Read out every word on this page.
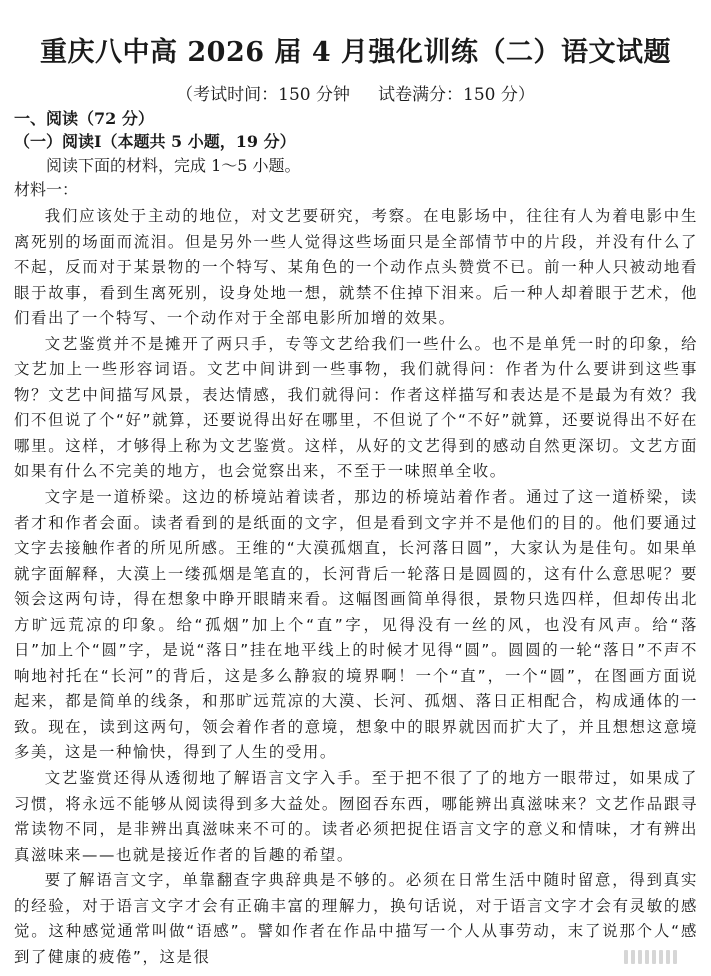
重庆八中高 2026 届 4 月强化训练（二）语文试题
（考试时间：150 分钟 试卷满分：150 分）
一、阅读（72 分）
（一）阅读Ⅰ（本题共 5 小题，19 分）
阅读下面的材料，完成 1～5 小题。
材料一：

我们应该处于主动的地位，对文艺要研究，考察。在电影场中，往往有人为着电影中生离死别的场面而流泪。但是另外一些人觉得这些场面只是全部情节中的片段，并没有什么了不起，反而对于某景物的一个特写、某角色的一个动作点头赞赏不已。前一种人只被动地看眼于故事，看到生离死别，设身处地一想，就禁不住掉下泪来。后一种人却着眼于艺术，他们看出了一个特写、一个动作对于全部电影所加增的效果。

文艺鉴赏并不是摊开了两只手，专等文艺给我们一些什么。也不是单凭一时的印象，给文艺加上一些形容词语。文艺中间讲到一些事物，我们就得问：作者为什么要讲到这些事物？文艺中间描写风景，表达情感，我们就得问：作者这样描写和表达是不是最为有效？我们不但说了个“好”就算，还要说得出好在哪里，不但说了个“不好”就算，还要说得出不好在哪里。这样，才够得上称为文艺鉴赏。这样，从好的文艺得到的感动自然更深切。文艺方面如果有什么不完美的地方，也会觉察出来，不至于一味照单全收。

文字是一道桥梁。这边的桥境站着读者，那边的桥境站着作者。通过了这一道桥梁，读者才和作者会面。读者看到的是纸面的文字，但是看到文字并不是他们的目的。他们要通过文字去接触作者的所见所感。王维的“大漠孤烟直，长河落日圆”，大家认为是佳句。如果单就字面解释，大漠上一缕孤烟是笔直的，长河背后一轮落日是圆圆的，这有什么意思呢？要领会这两句诗，得在想象中睁开眼睛来看。这幅图画简单得很，景物只选四样，但却传出北方旷远荒凉的印象。给“孤烟”加上个“直”字，见得没有一丝的风，也没有风声。给“落日”加上个“圆”字，是说“落日”挂在地平线上的时候才见得“圆”。圆圆的一轮“落日”不声不响地衬托在“长河”的背后，这是多么静寂的境界啊！一个“直”，一个“圆”，在图画方面说起来，都是简单的线条，和那旷远荒凉的大漠、长河、孤烟、落日正相配合，构成通体的一致。现在，读到这两句，领会着作者的意境，想象中的眼界就因而扩大了，并且想想这意境多美，这是一种愉快，得到了人生的受用。

文艺鉴赏还得从透彻地了解语言文字入手。至于把不很了了的地方一眼带过，如果成了习惯，将永远不能够从阅读得到多大益处。囫囵吞东西，哪能辨出真滋味来？文艺作品跟寻常读物不同，是非辨出真滋味来不可的。读者必须把捉住语言文字的意义和情味，才有辨出真滋味来——也就是接近作者的旨趣的希望。

要了解语言文字，单靠翻查字典辞典是不够的。必须在日常生活中随时留意，得到真实的经验，对于语言文字才会有正确丰富的理解力，换句话说，对于语言文字才会有灵敏的感觉。这种感觉通常叫做“语感”。譬如作者在作品中描写一个人从事劳动，末了说那个人“感到了健康的疲倦”，这是很
